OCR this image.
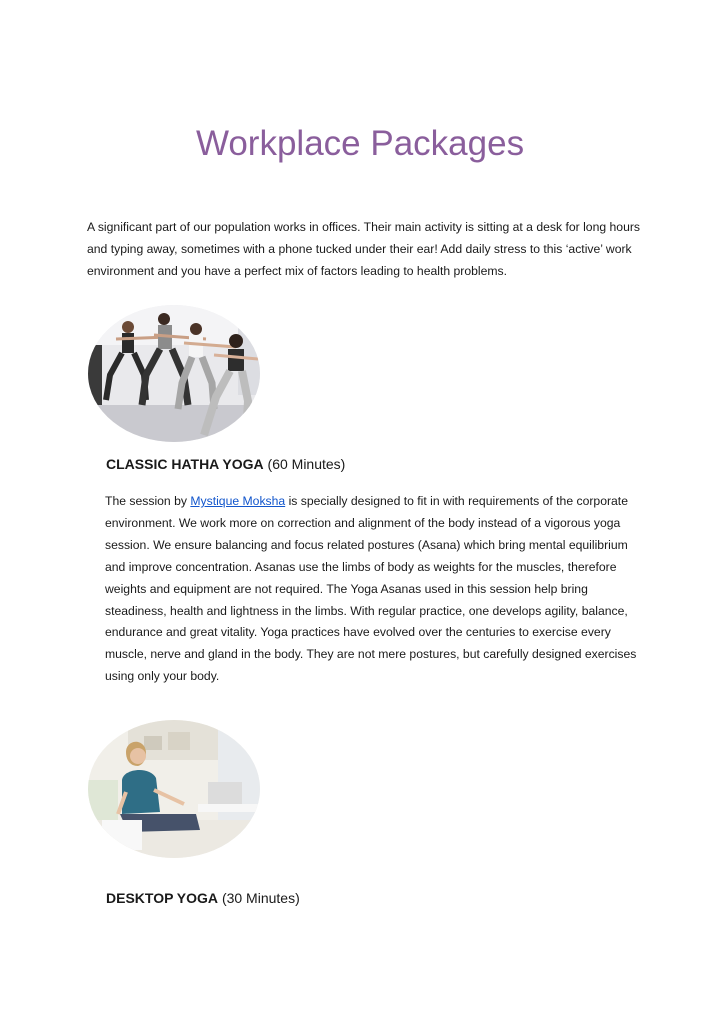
Workplace Packages

A significant part of our population works in offices. Their main activity is sitting at a desk for long hours and typing away, sometimes with a phone tucked under their ear! Add daily stress to this ‘active’ work environment and you have a perfect mix of factors leading to health problems.

CLASSIC HATHA YOGA (60 Minutes)

The session by Mystique Moksha is specially designed to fit in with requirements of the corporate environment. We work more on correction and alignment of the body instead of a vigorous yoga session. We ensure balancing and focus related postures (Asana) which bring mental equilibrium and improve concentration. Asanas use the limbs of body as weights for the muscles, therefore weights and equipment are not required. The Yoga Asanas used in this session help bring steadiness, health and lightness in the limbs. With regular practice, one develops agility, balance, endurance and great vitality. Yoga practices have evolved over the centuries to exercise every muscle, nerve and gland in the body. They are not mere postures, but carefully designed exercises using only your body.

DESKTOP YOGA (30 Minutes)
